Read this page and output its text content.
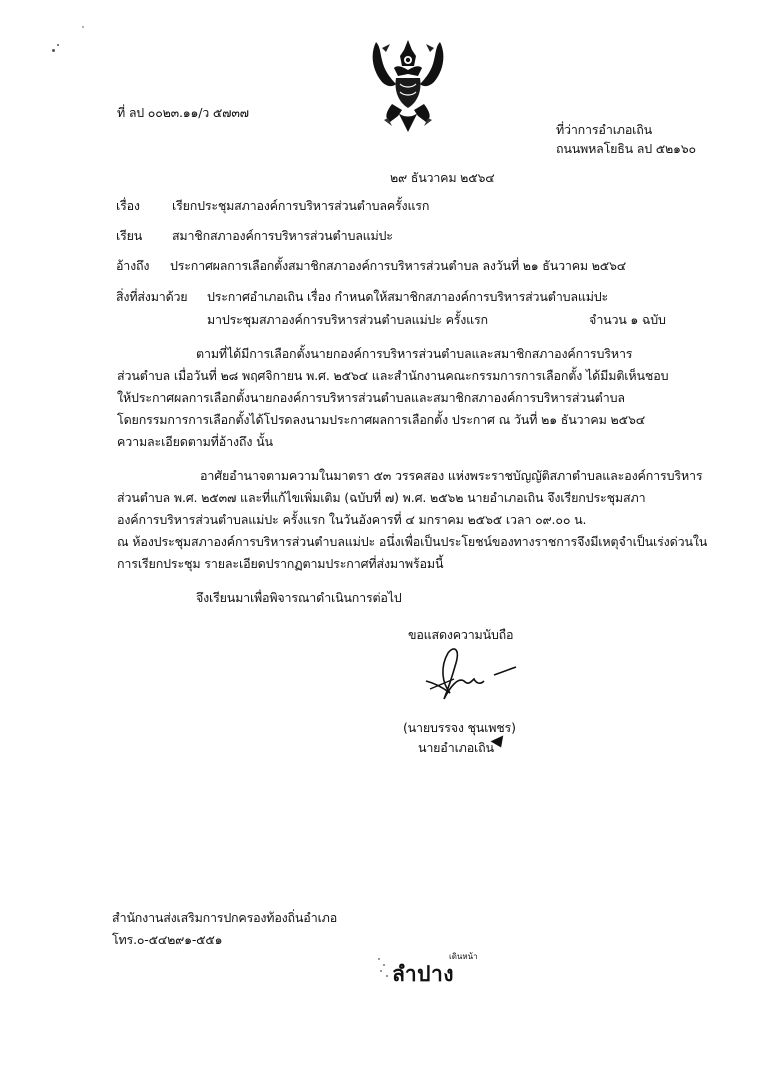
ที่ ลป ๐๐๒๓.๑๑/ว ๕๗๓๗
ที่ว่าการอำเภอเถิน
ถนนพหลโยธิน ลป ๕๒๑๖๐
๒๙ ธันวาคม ๒๕๖๔
เรื่อง	เรียกประชุมสภาองค์การบริหารส่วนตำบลครั้งแรก
เรียน สมาชิกสภาองค์การบริหารส่วนตำบลแม่ปะ
อ้างถึง ประกาศผลการเลือกตั้งสมาชิกสภาองค์การบริหารส่วนตำบล ลงวันที่ ๒๑ ธันวาคม ๒๕๖๔
สิ่งที่ส่งมาด้วย ประกาศอำเภอเถิน เรื่อง กำหนดให้สมาชิกสภาองค์การบริหารส่วนตำบลแม่ปะ
มาประชุมสภาองค์การบริหารส่วนตำบลแม่ปะ ครั้งแรก	จำนวน ๑ ฉบับ
ตามที่ได้มีการเลือกตั้งนายกองค์การบริหารส่วนตำบลและสมาชิกสภาองค์การบริหาร
ส่วนตำบล เมื่อวันที่ ๒๘ พฤศจิกายน พ.ศ. ๒๕๖๔ และสำนักงานคณะกรรมการการเลือกตั้ง ได้มีมติเห็นชอบ
ให้ประกาศผลการเลือกตั้งนายกองค์การบริหารส่วนตำบลและสมาชิกสภาองค์การบริหารส่วนตำบล
โดยกรรมการการเลือกตั้งได้โปรดลงนามประกาศผลการเลือกตั้ง ประกาศ ณ วันที่ ๒๑ ธันวาคม ๒๕๖๔
ความละเอียดตามที่อ้างถึง นั้น
อาศัยอำนาจตามความในมาตรา ๕๓ วรรคสอง แห่งพระราชบัญญัติสภาตำบลและองค์การบริหาร
ส่วนตำบล พ.ศ. ๒๕๓๗ และที่แก้ไขเพิ่มเติม (ฉบับที่ ๗) พ.ศ. ๒๕๖๒ นายอำเภอเถิน จึงเรียกประชุมสภา
องค์การบริหารส่วนตำบลแม่ปะ ครั้งแรก ในวันอังคารที่ ๔ มกราคม ๒๕๖๕ เวลา ๐๙.๐๐ น.
ณ ห้องประชุมสภาองค์การบริหารส่วนตำบลแม่ปะ อนึ่งเพื่อเป็นประโยชน์ของทางราชการจึงมีเหตุจำเป็นเร่งด่วนใน
การเรียกประชุม รายละเอียดปรากฏตามประกาศที่ส่งมาพร้อมนี้
จึงเรียนมาเพื่อพิจารณาดำเนินการต่อไป
ขอแสดงความนับถือ
(นายบรรจง ชุนเพชร)
นายอำเภอเถิน
สำนักงานส่งเสริมการปกครองท้องถิ่นอำเภอ
โทร.๐-๕๔๒๙๑-๕๕๑
เดินหน้า
ลำปาง
